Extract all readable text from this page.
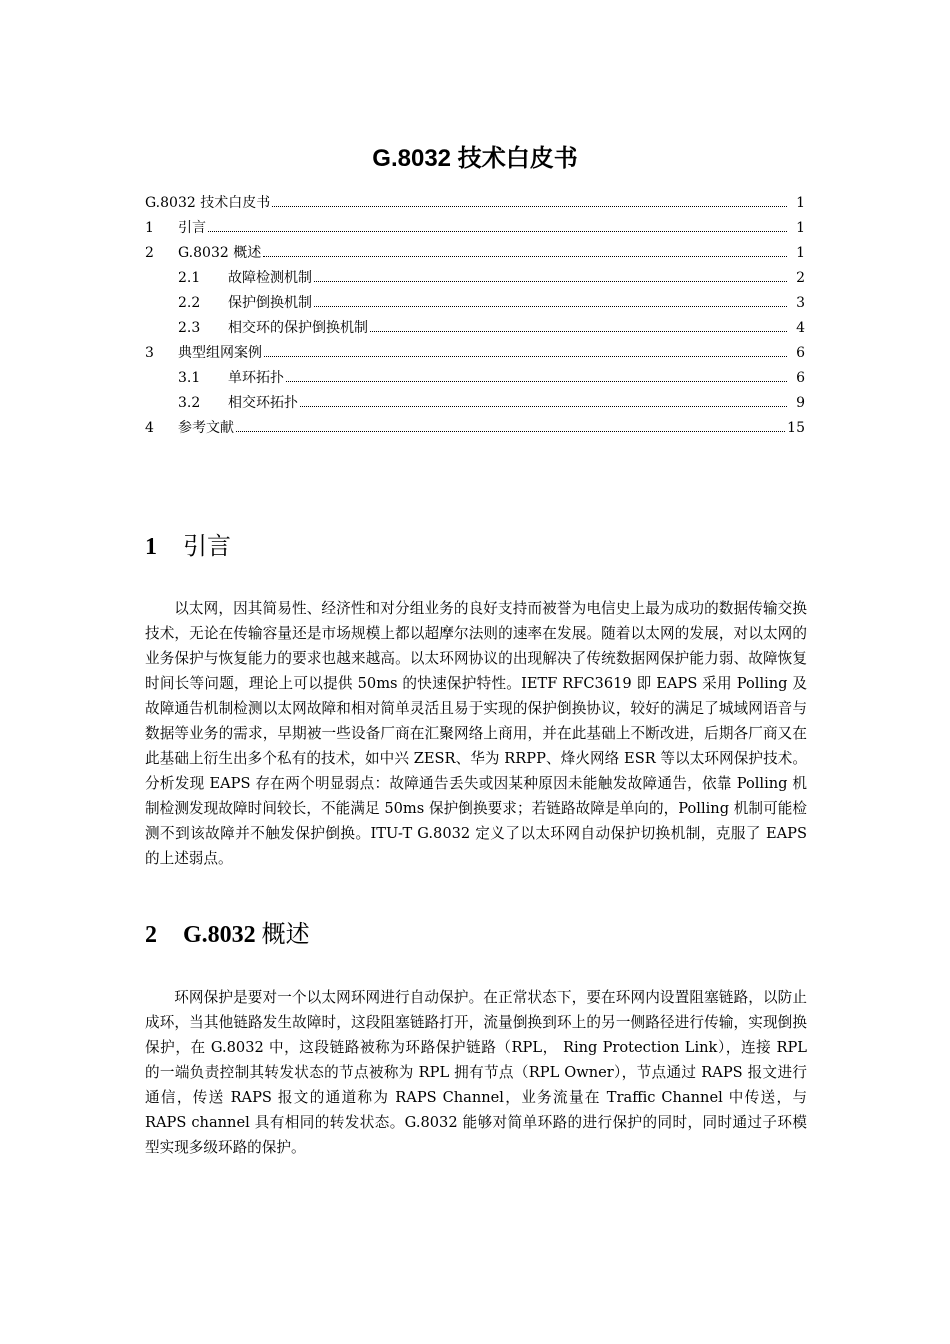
G.8032 技术白皮书
G.8032 技术白皮书	1
1	引言	1
2	G.8032 概述	1
2.1	故障检测机制	2
2.2	保护倒换机制	3
2.3	相交环的保护倒换机制	4
3	典型组网案例	6
3.1	单环拓扑	6
3.2	相交环拓扑	9
4	参考文献	15
1 引言

以太网，因其简易性、经济性和对分组业务的良好支持而被誉为电信史上最为成功的数据传输交换技术，无论在传输容量还是市场规模上都以超摩尔法则的速率在发展。随着以太网的发展，对以太网的业务保护与恢复能力的要求也越来越高。以太环网协议的出现解决了传统数据网保护能力弱、故障恢复时间长等问题，理论上可以提供 50ms 的快速保护特性。IETF RFC3619 即 EAPS 采用 Polling 及故障通告机制检测以太网故障和相对简单灵活且易于实现的保护倒换协议，较好的满足了城域网语音与数据等业务的需求，早期被一些设备厂商在汇聚网络上商用，并在此基础上不断改进，后期各厂商又在此基础上衍生出多个私有的技术，如中兴 ZESR、华为 RRPP、烽火网络 ESR 等以太环网保护技术。分析发现 EAPS 存在两个明显弱点：故障通告丢失或因某种原因未能触发故障通告，依靠 Polling 机制检测发现故障时间较长，不能满足 50ms 保护倒换要求；若链路故障是单向的，Polling 机制可能检测不到该故障并不触发保护倒换。ITU-T G.8032 定义了以太环网自动保护切换机制，克服了 EAPS 的上述弱点。

2 G.8032 概述

环网保护是要对一个以太网环网进行自动保护。在正常状态下，要在环网内设置阻塞链路，以防止成环，当其他链路发生故障时，这段阻塞链路打开，流量倒换到环上的另一侧路径进行传输，实现倒换保护，在 G.8032 中，这段链路被称为环路保护链路（RPL， Ring Protection Link），连接 RPL 的一端负责控制其转发状态的节点被称为 RPL 拥有节点（RPL Owner），节点通过 RAPS 报文进行通信，传送 RAPS 报文的通道称为 RAPS Channel，业务流量在 Traffic Channel 中传送，与 RAPS channel 具有相同的转发状态。G.8032 能够对简单环路的进行保护的同时，同时通过子环模型实现多级环路的保护。
